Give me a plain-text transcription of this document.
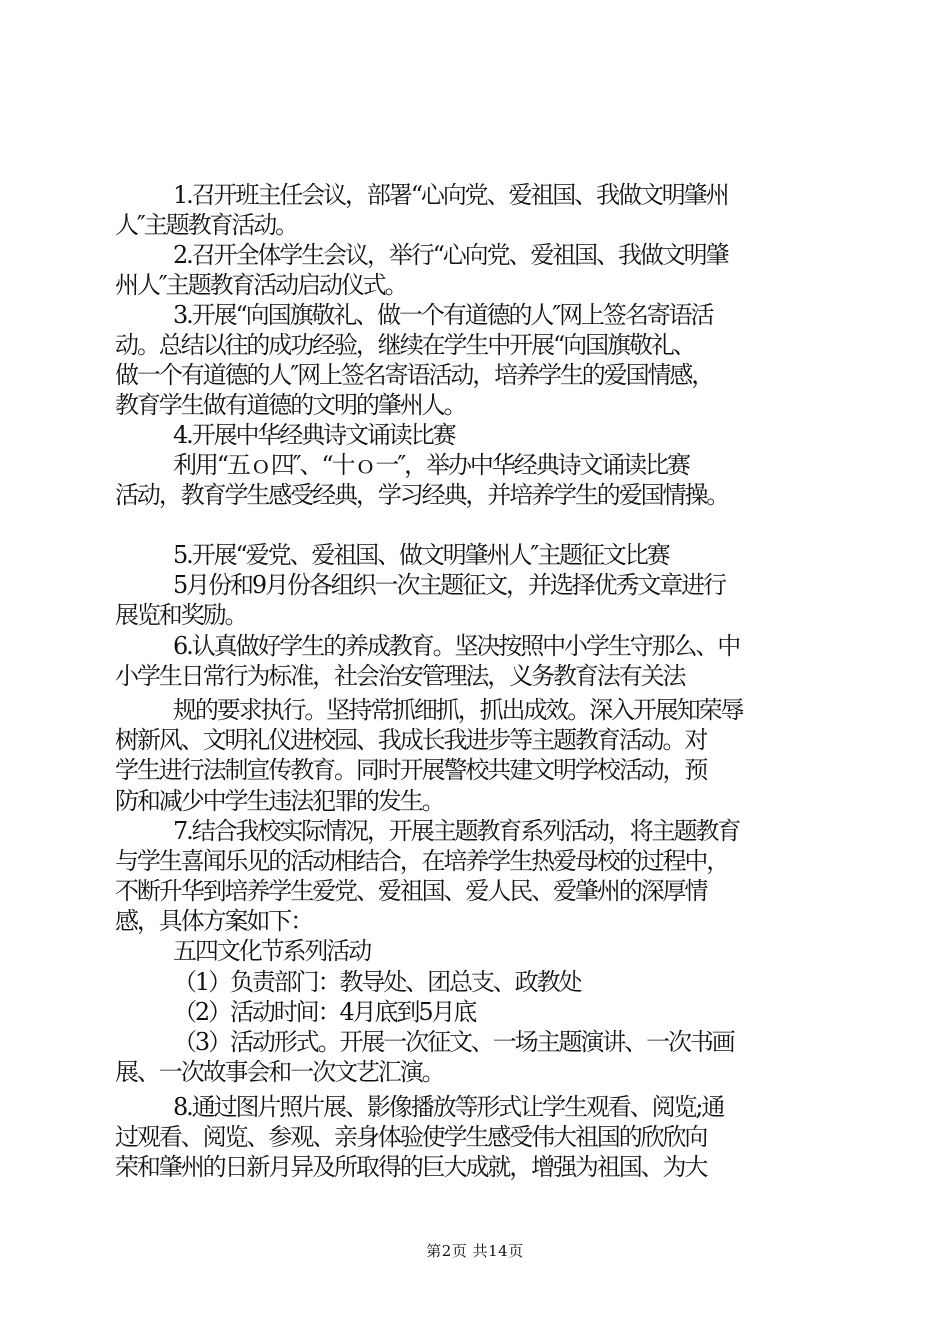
1.召开班主任会议，部署“心向党、爱祖国、我做文明肇州
人″主题教育活动。
2.召开全体学生会议，举行“心向党、爱祖国、我做文明肇
州人″主题教育活动启动仪式。
3.开展“向国旗敬礼、做一个有道德的人″网上签名寄语活
动。总结以往的成功经验，继续在学生中开展“向国旗敬礼、
做一个有道德的人″网上签名寄语活动，培养学生的爱国情感，
教育学生做有道德的文明的肇州人。
4.开展中华经典诗文诵读比赛
利用“五ｏ四″、“十ｏ一″，举办中华经典诗文诵读比赛
活动，教育学生感受经典，学习经典，并培养学生的爱国情操。
5.开展“爱党、爱祖国、做文明肇州人″主题征文比赛
5月份和9月份各组织一次主题征文，并选择优秀文章进行
展览和奖励。
6.认真做好学生的养成教育。坚决按照中小学生守那么、中
小学生日常行为标准，社会治安管理法，义务教育法有关法
规的要求执行。坚持常抓细抓，抓出成效。深入开展知荣辱
树新风、文明礼仪进校园、我成长我进步等主题教育活动。对
学生进行法制宣传教育。同时开展警校共建文明学校活动，预
防和减少中学生违法犯罪的发生。
7.结合我校实际情况，开展主题教育系列活动，将主题教育
与学生喜闻乐见的活动相结合，在培养学生热爱母校的过程中，
不断升华到培养学生爱党、爱祖国、爱人民、爱肇州的深厚情
感，具体方案如下：
五四文化节系列活动
（1）负责部门：教导处、团总支、政教处
（2）活动时间：4月底到5月底
（3）活动形式。开展一次征文、一场主题演讲、一次书画
展、一次故事会和一次文艺汇演。
8.通过图片照片展、影像播放等形式让学生观看、阅览;通
过观看、阅览、参观、亲身体验使学生感受伟大祖国的欣欣向
荣和肇州的日新月异及所取得的巨大成就，增强为祖国、为大
第2页 共14页
